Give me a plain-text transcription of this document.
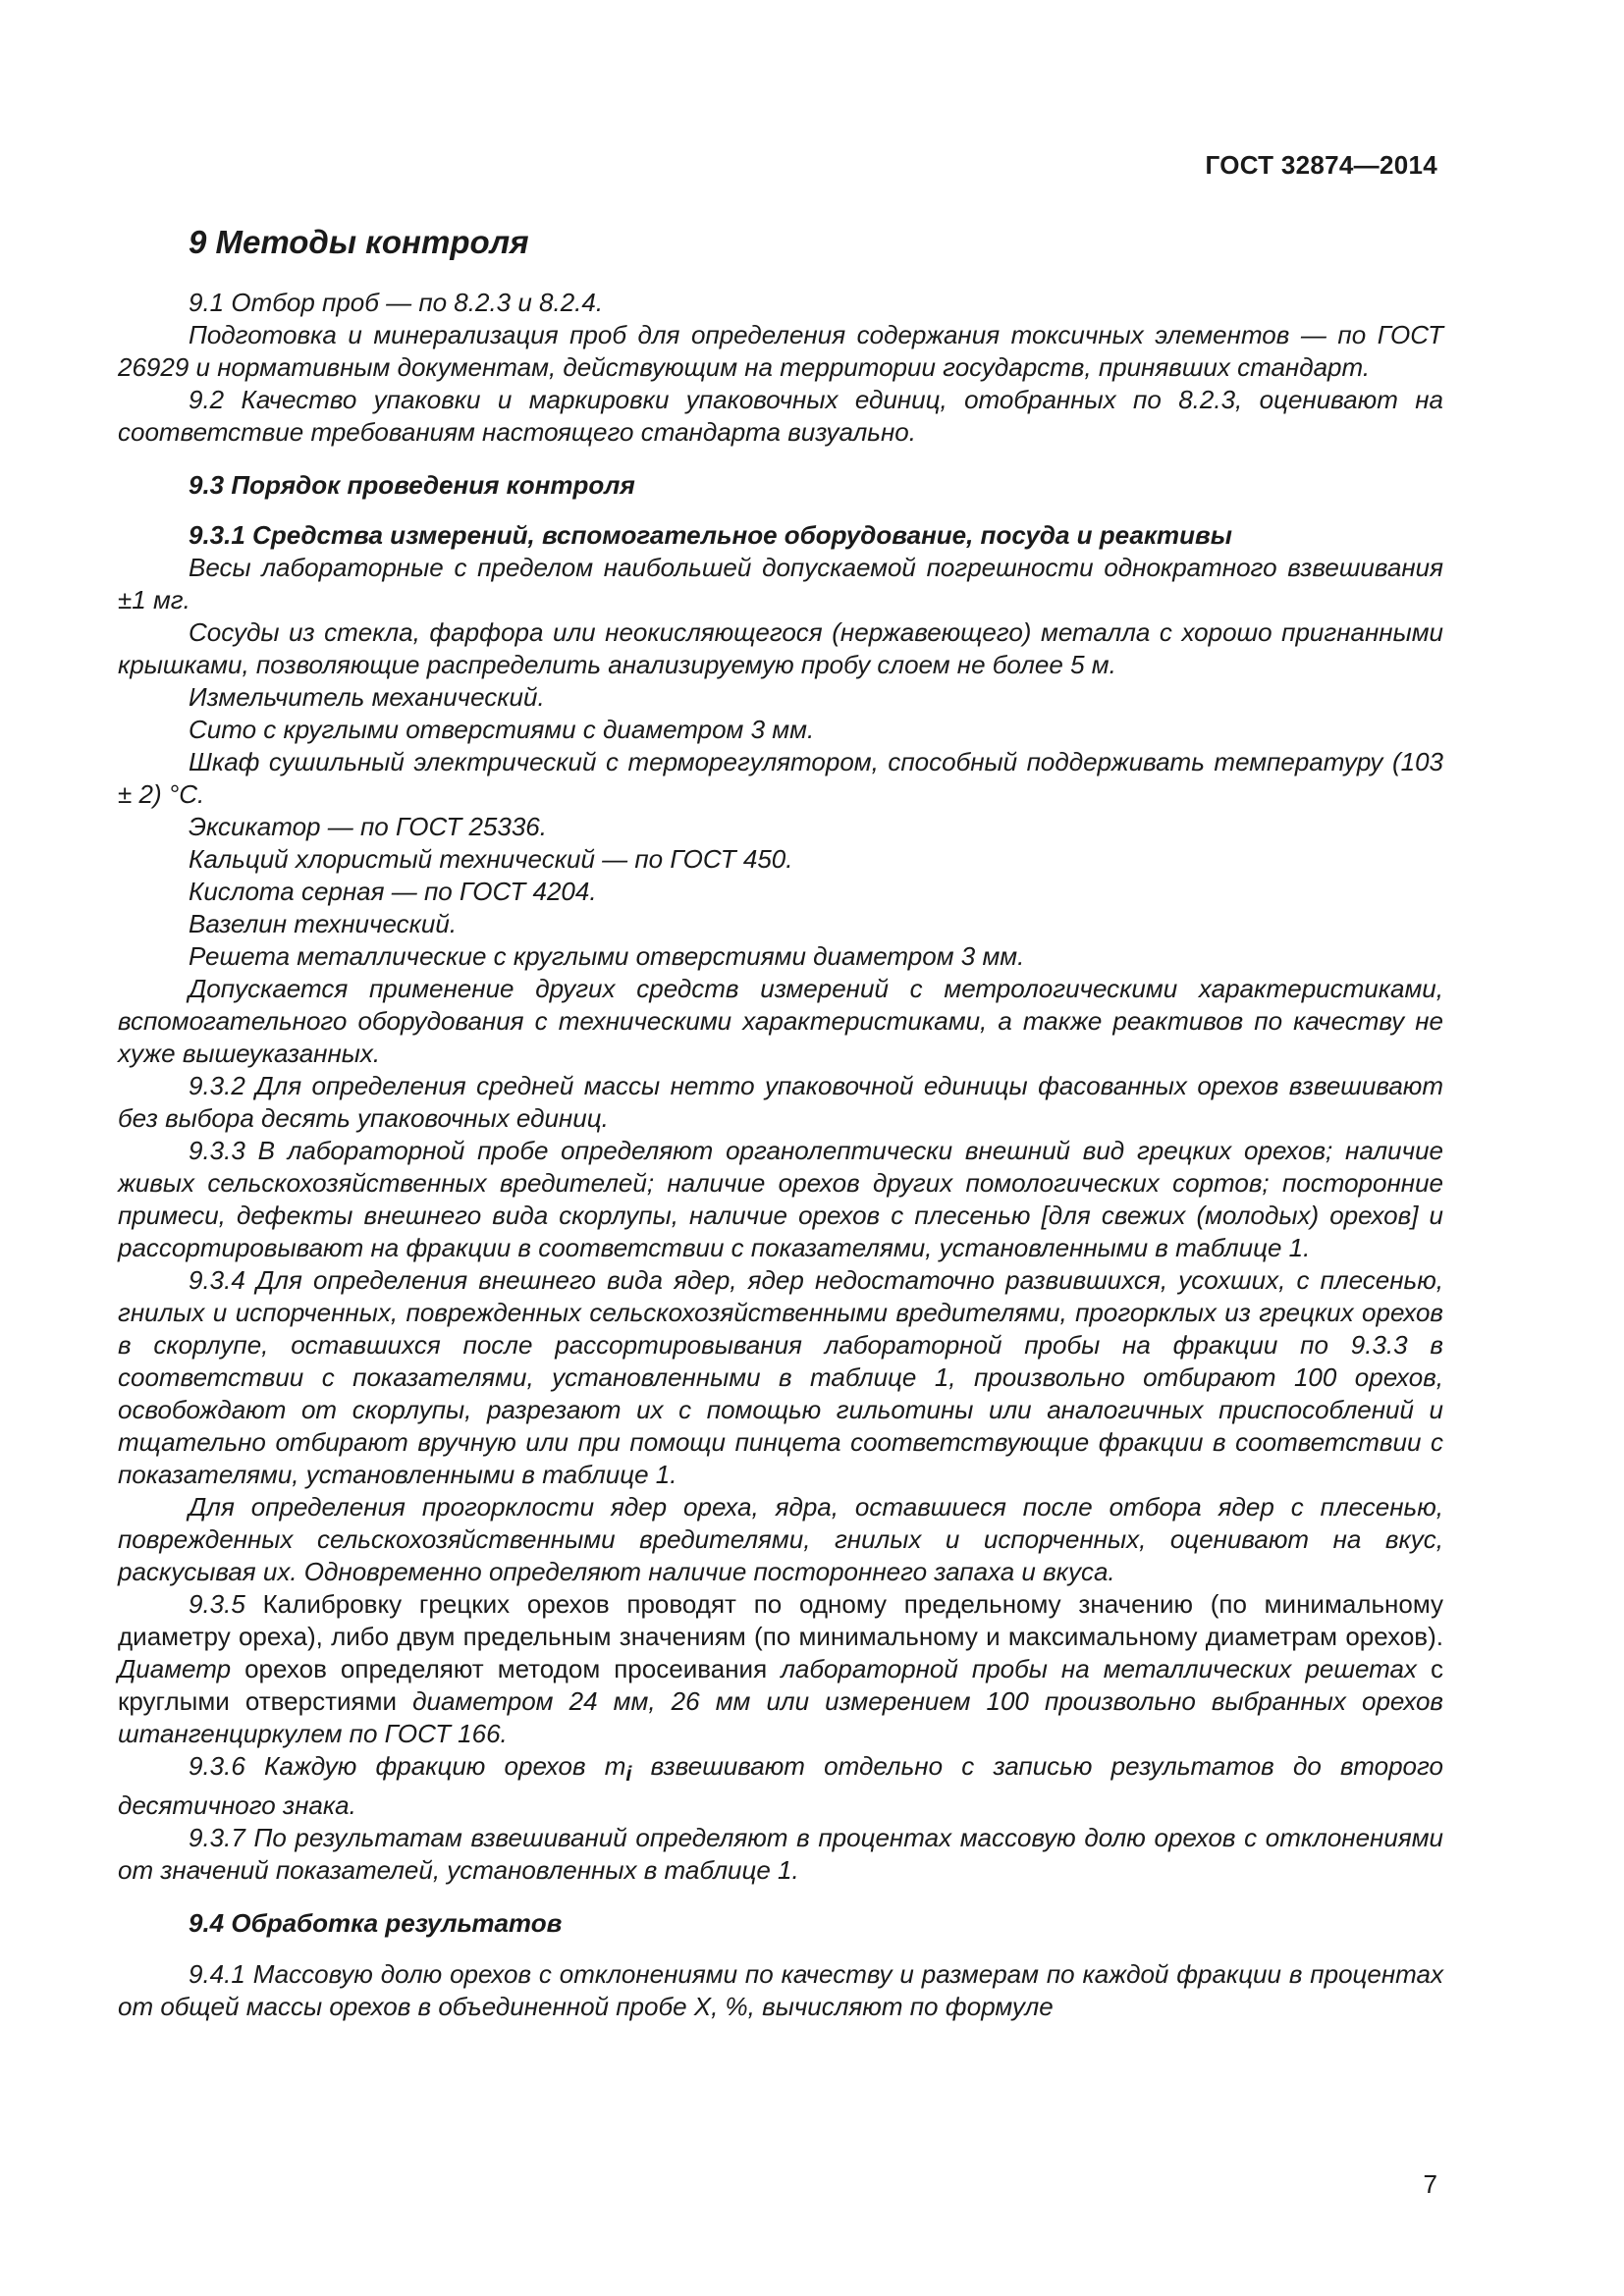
ГОСТ 32874—2014
9 Методы контроля

9.1 Отбор проб — по 8.2.3 и 8.2.4.

Подготовка и минерализация проб для определения содержания токсичных элементов — по ГОСТ 26929 и нормативным документам, действующим на территории государств, принявших стандарт.

9.2 Качество упаковки и маркировки упаковочных единиц, отобранных по 8.2.3, оценивают на соответствие требованиям настоящего стандарта визуально.

9.3 Порядок проведения контроля
9.3.1 Средства измерений, вспомогательное оборудование, посуда и реактивы

Весы лабораторные с пределом наибольшей допускаемой погрешности однократного взвешивания ±1 мг.

Сосуды из стекла, фарфора или неокисляющегося (нержавеющего) металла с хорошо пригнанными крышками, позволяющие распределить анализируемую пробу слоем не более 5 м.

Измельчитель механический.

Сито с круглыми отверстиями с диаметром 3 мм.

Шкаф сушильный электрический с терморегулятором, способный поддерживать температуру (103 ± 2) °С.

Эксикатор — по ГОСТ 25336.

Кальций хлористый технический — по ГОСТ 450.

Кислота серная — по ГОСТ 4204.

Вазелин технический.

Решета металлические с круглыми отверстиями диаметром 3 мм.

Допускается применение других средств измерений с метрологическими характеристиками, вспомогательного оборудования с техническими характеристиками, а также реактивов по качеству не хуже вышеуказанных.

9.3.2 Для определения средней массы нетто упаковочной единицы фасованных орехов взвешивают без выбора десять упаковочных единиц.

9.3.3 В лабораторной пробе определяют органолептически внешний вид грецких орехов; наличие живых сельскохозяйственных вредителей; наличие орехов других помологических сортов; посторонние примеси, дефекты внешнего вида скорлупы, наличие орехов с плесенью [для свежих (молодых) орехов] и рассортировывают на фракции в соответствии с показателями, установленными в таблице 1.

9.3.4 Для определения внешнего вида ядер, ядер недостаточно развившихся, усохших, с плесенью, гнилых и испорченных, поврежденных сельскохозяйственными вредителями, прогорклых из грецких орехов в скорлупе, оставшихся после рассортировывания лабораторной пробы на фракции по 9.3.3 в соответствии с показателями, установленными в таблице 1, произвольно отбирают 100 орехов, освобождают от скорлупы, разрезают их с помощью гильотины или аналогичных приспособлений и тщательно отбирают вручную или при помощи пинцета соответствующие фракции в соответствии с показателями, установленными в таблице 1.

Для определения прогорклости ядер ореха, ядра, оставшиеся после отбора ядер с плесенью, поврежденных сельскохозяйственными вредителями, гнилых и испорченных, оценивают на вкус, раскусывая их. Одновременно определяют наличие постороннего запаха и вкуса.

9.3.5 Калибровку грецких орехов проводят по одному предельному значению (по минимальному диаметру ореха), либо двум предельным значениям (по минимальному и максимальному диаметрам орехов). Диаметр орехов определяют методом просеивания лабораторной пробы на металлических решетах с круглыми отверстиями диаметром 24 мм, 26 мм или измерением 100 произвольно выбранных орехов штангенциркулем по ГОСТ 166.

9.3.6 Каждую фракцию орехов $m_i$ взвешивают отдельно с записью результатов до второго десятичного знака.

9.3.7 По результатам взвешиваний определяют в процентах массовую долю орехов с отклонениями от значений показателей, установленных в таблице 1.

9.4 Обработка результатов

9.4.1 Массовую долю орехов с отклонениями по качеству и размерам по каждой фракции в процентах от общей массы орехов в объединенной пробе X, %, вычисляют по формуле

7
